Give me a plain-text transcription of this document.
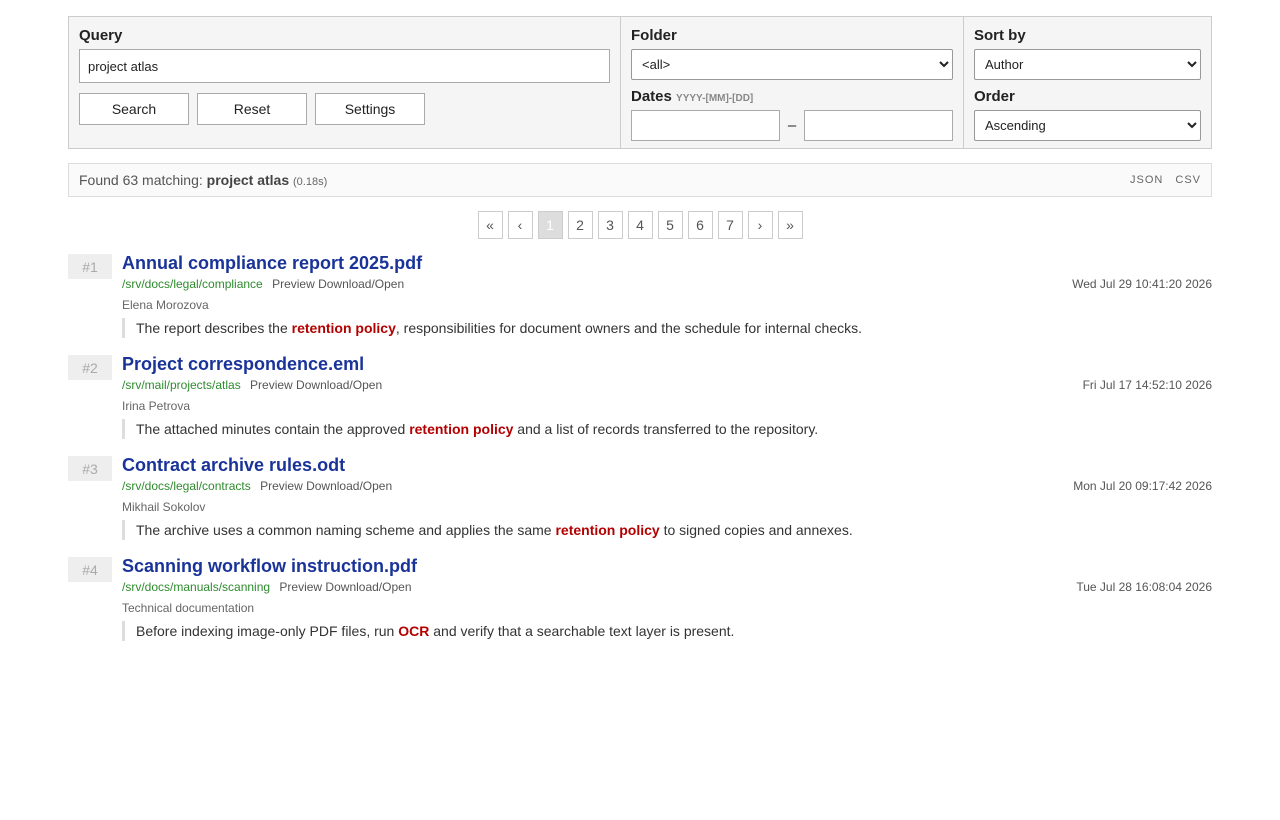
Query
project atlas
Search	Reset	Settings
Folder
<all>
Dates YYYY-[MM]-[DD]
–
Sort by
Author
Order
Ascending
Found 63 matching: project atlas (0.18s)	JSON CSV
«	‹	1	2	3	4	5	6	7	›	»
#1	Annual compliance report 2025.pdf
/srv/docs/legal/compliance Preview Download/Open	Wed Jul 29 10:41:20 2026
Elena Morozova
The report describes the retention policy, responsibilities for document owners and the schedule for internal checks.
#2	Project correspondence.eml
/srv/mail/projects/atlas Preview Download/Open	Fri Jul 17 14:52:10 2026
Irina Petrova
The attached minutes contain the approved retention policy and a list of records transferred to the repository.
#3	Contract archive rules.odt
/srv/docs/legal/contracts Preview Download/Open	Mon Jul 20 09:17:42 2026
Mikhail Sokolov
The archive uses a common naming scheme and applies the same retention policy to signed copies and annexes.
#4	Scanning workflow instruction.pdf
/srv/docs/manuals/scanning Preview Download/Open	Tue Jul 28 16:08:04 2026
Technical documentation
Before indexing image-only PDF files, run OCR and verify that a searchable text layer is present.
